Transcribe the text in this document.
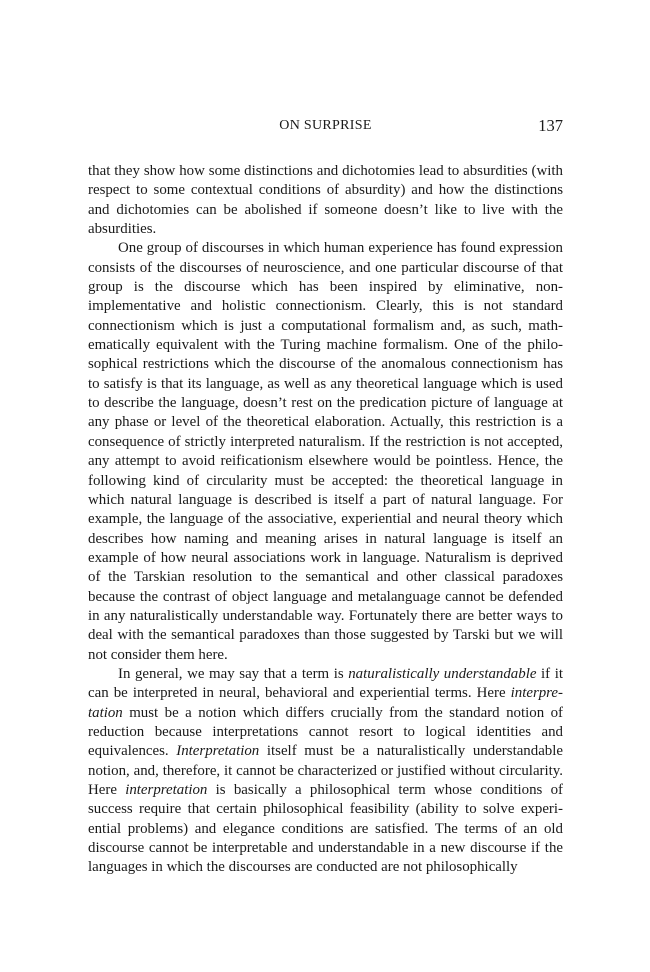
ON SURPRISE	137

that they show how some distinctions and dichotomies lead to absurdities (with respect to some contextual conditions of absurdity) and how the distinctions and dichotomies can be abolished if someone doesn’t like to live with the absurdities.

One group of discourses in which human experience has found expression consists of the discourses of neuroscience, and one particular discourse of that group is the discourse which has been inspired by eliminative, non-implementative and holistic connectionism. Clearly, this is not standard connectionism which is just a computational formalism and, as such, mathematically equivalent with the Turing machine formalism. One of the philosophical restrictions which the discourse of the anomalous connectionism has to satisfy is that its language, as well as any theoretical language which is used to describe the language, doesn’t rest on the predication picture of language at any phase or level of the theoretical elaboration. Actually, this restriction is a consequence of strictly interpreted naturalism. If the restriction is not accepted, any attempt to avoid reificationism elsewhere would be pointless. Hence, the following kind of circularity must be accepted: the theoretical language in which natural language is described is itself a part of natural language. For example, the language of the associative, experiential and neural theory which describes how naming and meaning arises in natural language is itself an example of how neural associations work in language. Naturalism is deprived of the Tarskian resolution to the semantical and other classical paradoxes because the contrast of object language and metalanguage cannot be defended in any naturalistically understandable way. Fortunately there are better ways to deal with the semantical paradoxes than those suggested by Tarski but we will not consider them here.

In general, we may say that a term is naturalistically understandable if it can be interpreted in neural, behavioral and experiential terms. Here interpretation must be a notion which differs crucially from the standard notion of reduction because interpretations cannot resort to logical identities and equivalences. Interpretation itself must be a naturalistically understandable notion, and, therefore, it cannot be characterized or justified without circularity. Here interpretation is basically a philosophical term whose conditions of success require that certain philosophical feasibility (ability to solve experiential problems) and elegance conditions are satisfied. The terms of an old discourse cannot be interpretable and understandable in a new discourse if the languages in which the discourses are conducted are not philosophically
